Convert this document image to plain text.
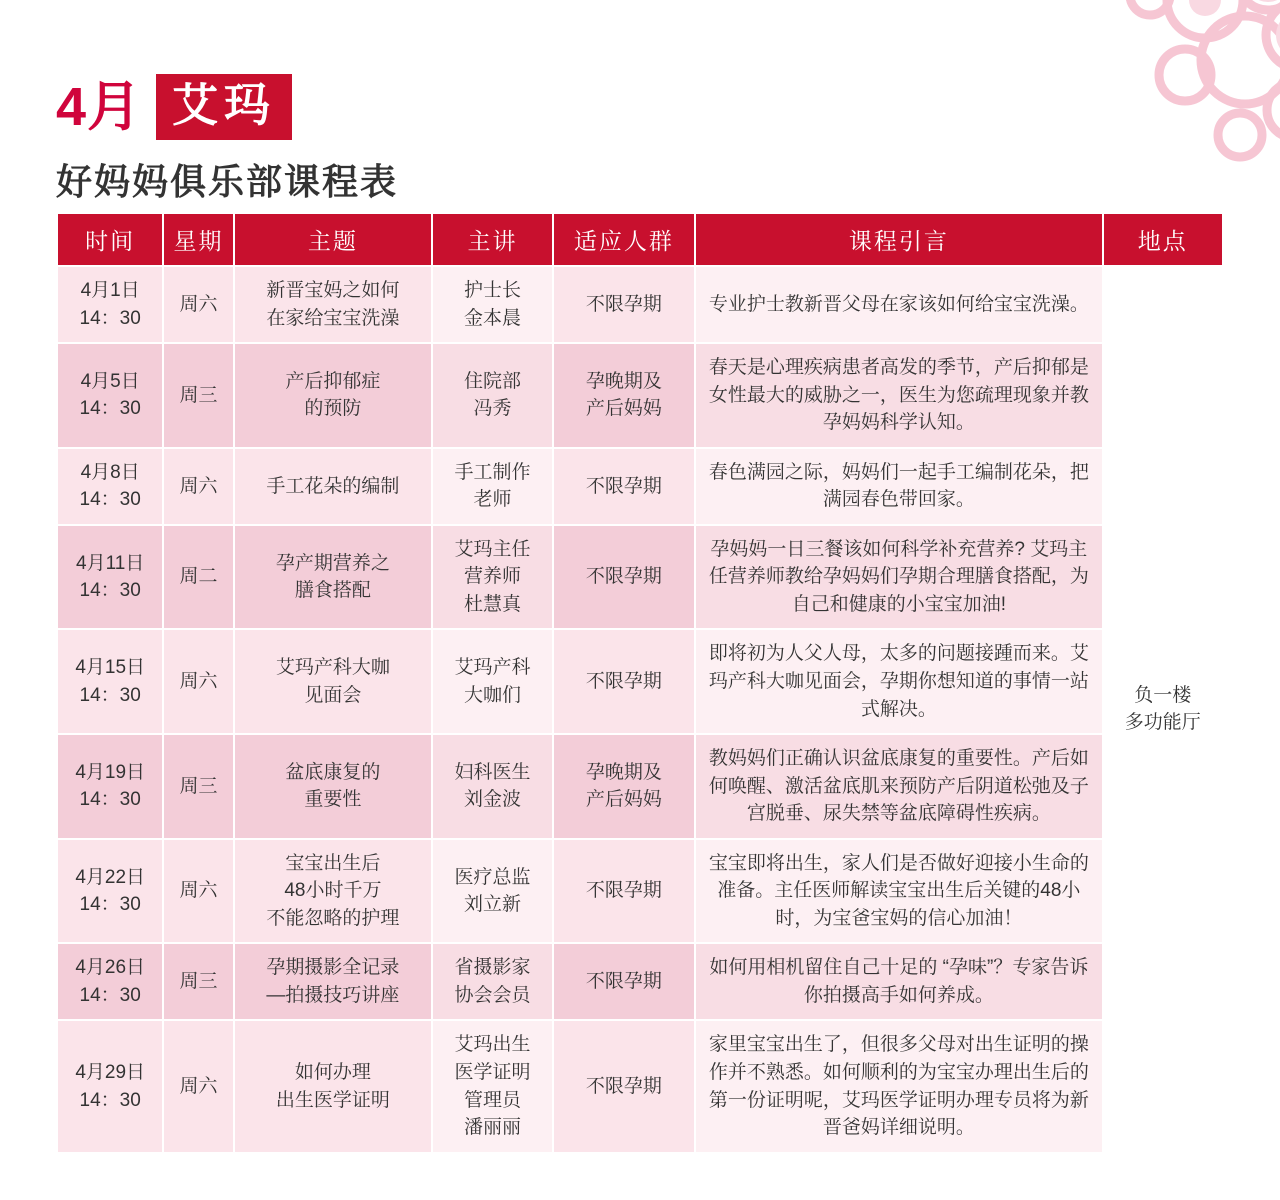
4月 艾玛
好妈妈俱乐部课程表
时间	星期	主题	主讲	适应人群	课程引言	地点

4月1日
14：30	周六	新晋宝妈之如何
在家给宝宝洗澡	护士长
金本晨	不限孕期	专业护士教新晋父母在家该如何给宝宝洗澡。	负一楼
多功能厅

4月5日
14：30	周三	产后抑郁症
的预防	住院部
冯秀	孕晚期及
产后妈妈	春天是心理疾病患者高发的季节，产后抑郁是女性最大的威胁之一，医生为您疏理现象并教孕妈妈科学认知。	

4月8日
14：30	周六	手工花朵的编制	手工制作
老师	不限孕期	春色满园之际，妈妈们一起手工编制花朵，把满园春色带回家。	

4月11日
14：30	周二	孕产期营养之
膳食搭配	艾玛主任
营养师
杜慧真	不限孕期	孕妈妈一日三餐该如何科学补充营养? 艾玛主任营养师教给孕妈妈们孕期合理膳食搭配，为自己和健康的小宝宝加油!	

4月15日
14：30	周六	艾玛产科大咖
见面会	艾玛产科
大咖们	不限孕期	即将初为人父人母，太多的问题接踵而来。艾玛产科大咖见面会，孕期你想知道的事情一站式解决。	

4月19日
14：30	周三	盆底康复的
重要性	妇科医生
刘金波	孕晚期及
产后妈妈	教妈妈们正确认识盆底康复的重要性。产后如何唤醒、激活盆底肌来预防产后阴道松弛及子宫脱垂、尿失禁等盆底障碍性疾病。	

4月22日
14：30	周六	宝宝出生后
48小时千万
不能忽略的护理	医疗总监
刘立新	不限孕期	宝宝即将出生，家人们是否做好迎接小生命的准备。主任医师解读宝宝出生后关键的48小时，为宝爸宝妈的信心加油！	

4月26日
14：30	周三	孕期摄影全记录
—拍摄技巧讲座	省摄影家
协会会员	不限孕期	如何用相机留住自己十足的 “孕味”？专家告诉你拍摄高手如何养成。	

4月29日
14：30	周六	如何办理
出生医学证明	艾玛出生
医学证明
管理员
潘丽丽	不限孕期	家里宝宝出生了，但很多父母对出生证明的操作并不熟悉。如何顺利的为宝宝办理出生后的第一份证明呢，艾玛医学证明办理专员将为新晋爸妈详细说明。	
